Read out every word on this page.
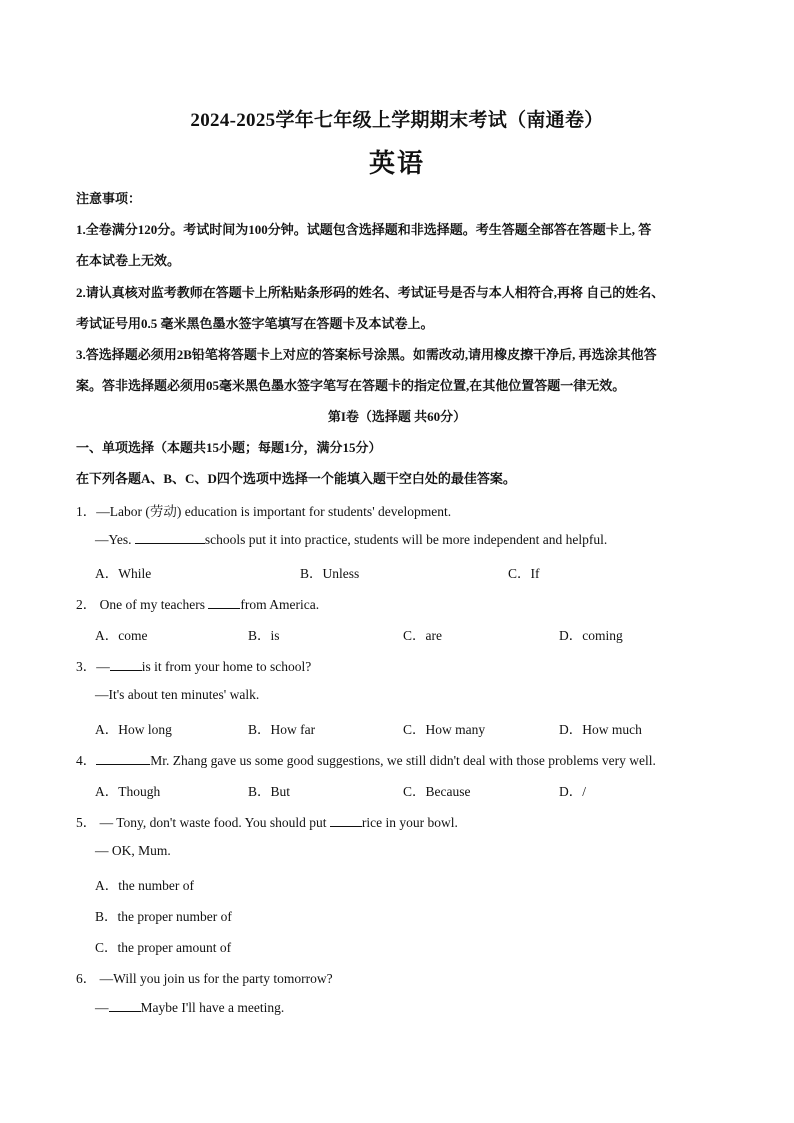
2024-2025学年七年级上学期期末考试（南通卷）
英语
注意事项：
1.全卷满分120分。考试时间为100分钟。试题包含选择题和非选择题。考生答题全部答在答题卡上, 答
在本试卷上无效。
2.请认真核对监考教师在答题卡上所粘贴条形码的姓名、考试证号是否与本人相符合,再将 自己的姓名、
考试证号用0.5 毫米黑色墨水签字笔填写在答题卡及本试卷上。
3.答选择题必须用2B铅笔将答题卡上对应的答案标号涂黑。如需改动,请用橡皮擦干净后, 再选涂其他答
案。答非选择题必须用05毫米黑色墨水签字笔写在答题卡的指定位置,在其他位置答题一律无效。
第I卷（选择题 共60分）
一、单项选择（本题共15小题；每题1分，满分15分）
在下列各题A、B、C、D四个选项中选择一个能填入题干空白处的最佳答案。
1．—Labor (劳动) education is important for students' development.
—Yes.	schools put it into practice, students will be more independent and helpful.
A．While	B．Unless	C．If
2． One of my teachers from America.
A．come	B．is	C．are	D．coming
3．— is it from your home to school?
—It's about ten minutes' walk.
A．How long	B．How far	C．How many	D．How much
4．	Mr. Zhang gave us some good suggestions, we still didn't deal with those problems very well.
A．Though	B．But	C．Because	D．/
5． — Tony, don't waste food. You should put rice in your bowl.
— OK, Mum.
A．the number of
B．the proper number of
C．the proper amount of
6． —Will you join us for the party tomorrow?
— Maybe I'll have a meeting.
